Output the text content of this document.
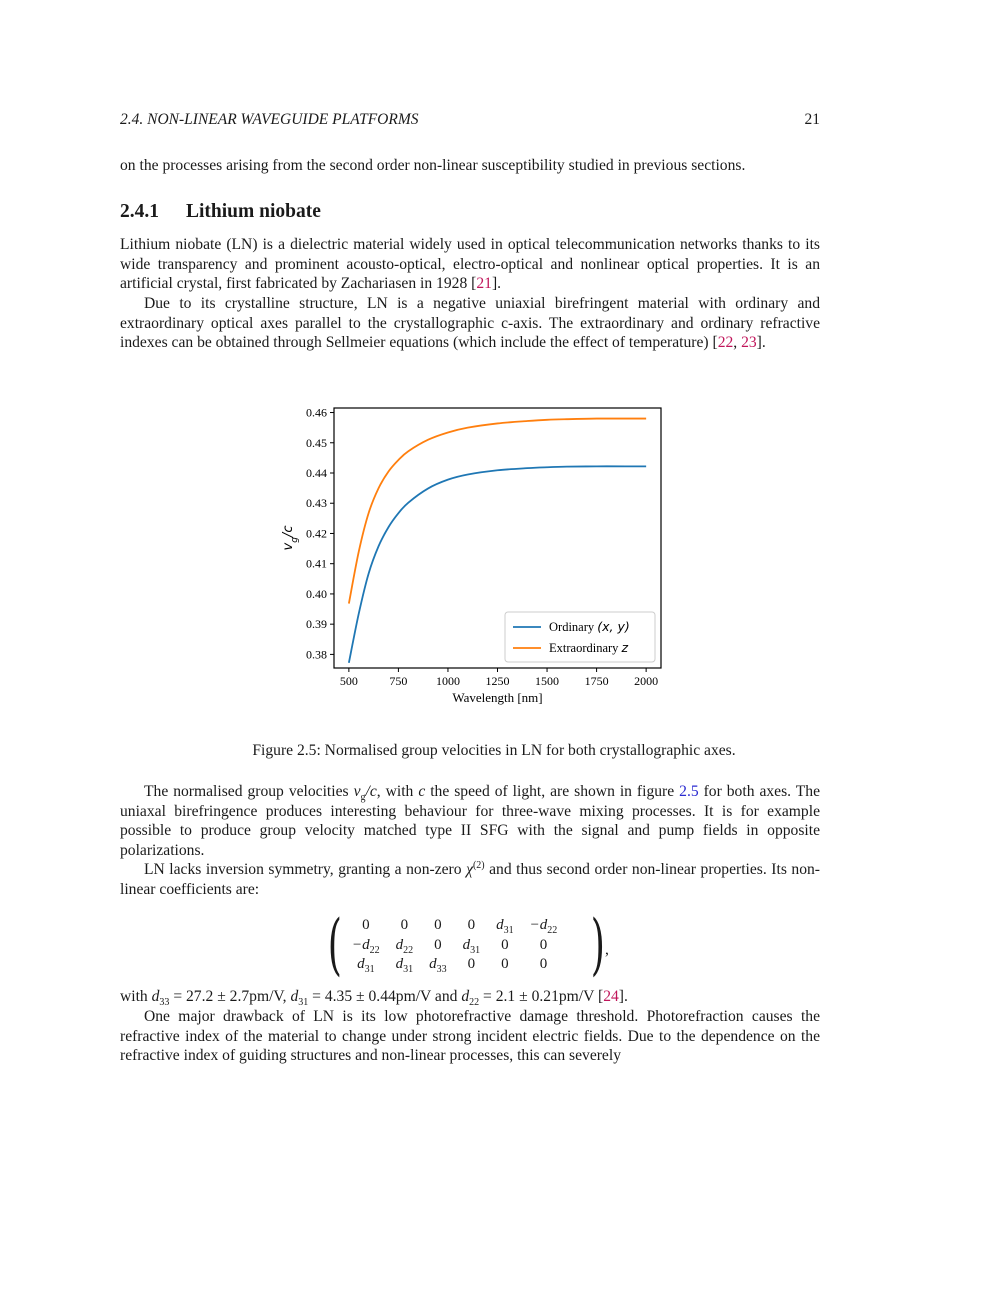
2.4. NON-LINEAR WAVEGUIDE PLATFORMS	21
on the processes arising from the second order non-linear susceptibility studied in previous sections.
2.4.1 Lithium niobate
Lithium niobate (LN) is a dielectric material widely used in optical telecommunication networks thanks to its wide transparency and prominent acousto-optical, electro-optical and nonlinear optical properties. It is an artificial crystal, first fabricated by Zachariasen in 1928 [21].
Due to its crystalline structure, LN is a negative uniaxial birefringent material with ordinary and extraordinary optical axes parallel to the crystallographic c-axis. The extraordinary and ordinary refractive indexes can be obtained through Sellmeier equations (which include the effect of temperature) [22, 23].
500	750 1000 1250 1500 1750 2000
0.38
0.39
0.40
0.41
0.42
0.43
0.44
0.45
0.46
Wavelength [nm]
$v_g/c$
Ordinary (x, y)
Extraordinary z
Figure 2.5: Normalised group velocities in LN for both crystallographic axes.
The normalised group velocities $v_g/c$, with c the speed of light, are shown in figure 2.5 for both axes. The uniaxal birefringence produces interesting behaviour for three-wave mixing processes. It is for example possible to produce group velocity matched type II SFG with the signal and pump fields in opposite polarizations.
LN lacks inversion symmetry, granting a non-zero $\chi^{(2)}$ and thus second order non-linear properties. Its non-linear coefficients are:
( 0	0	0	0	$d_{31}$	$-d_{22}$
$-d_{22}$	$d_{22}$	0	$d_{31}$	0	0
$d_{31}$	$d_{31}$	$d_{33}$	0	0	0 ) ,
with $d_{33} = 27.2 \pm 2.7pm/V$, $d_{31} = 4.35 \pm 0.44pm/V$ and $d_{22} = 2.1 \pm 0.21pm/V$ [24].
One major drawback of LN is its low photorefractive damage threshold. Photorefraction causes the refractive index of the material to change under strong incident electric fields. Due to the dependence on the refractive index of guiding structures and non-linear processes, this can severely
